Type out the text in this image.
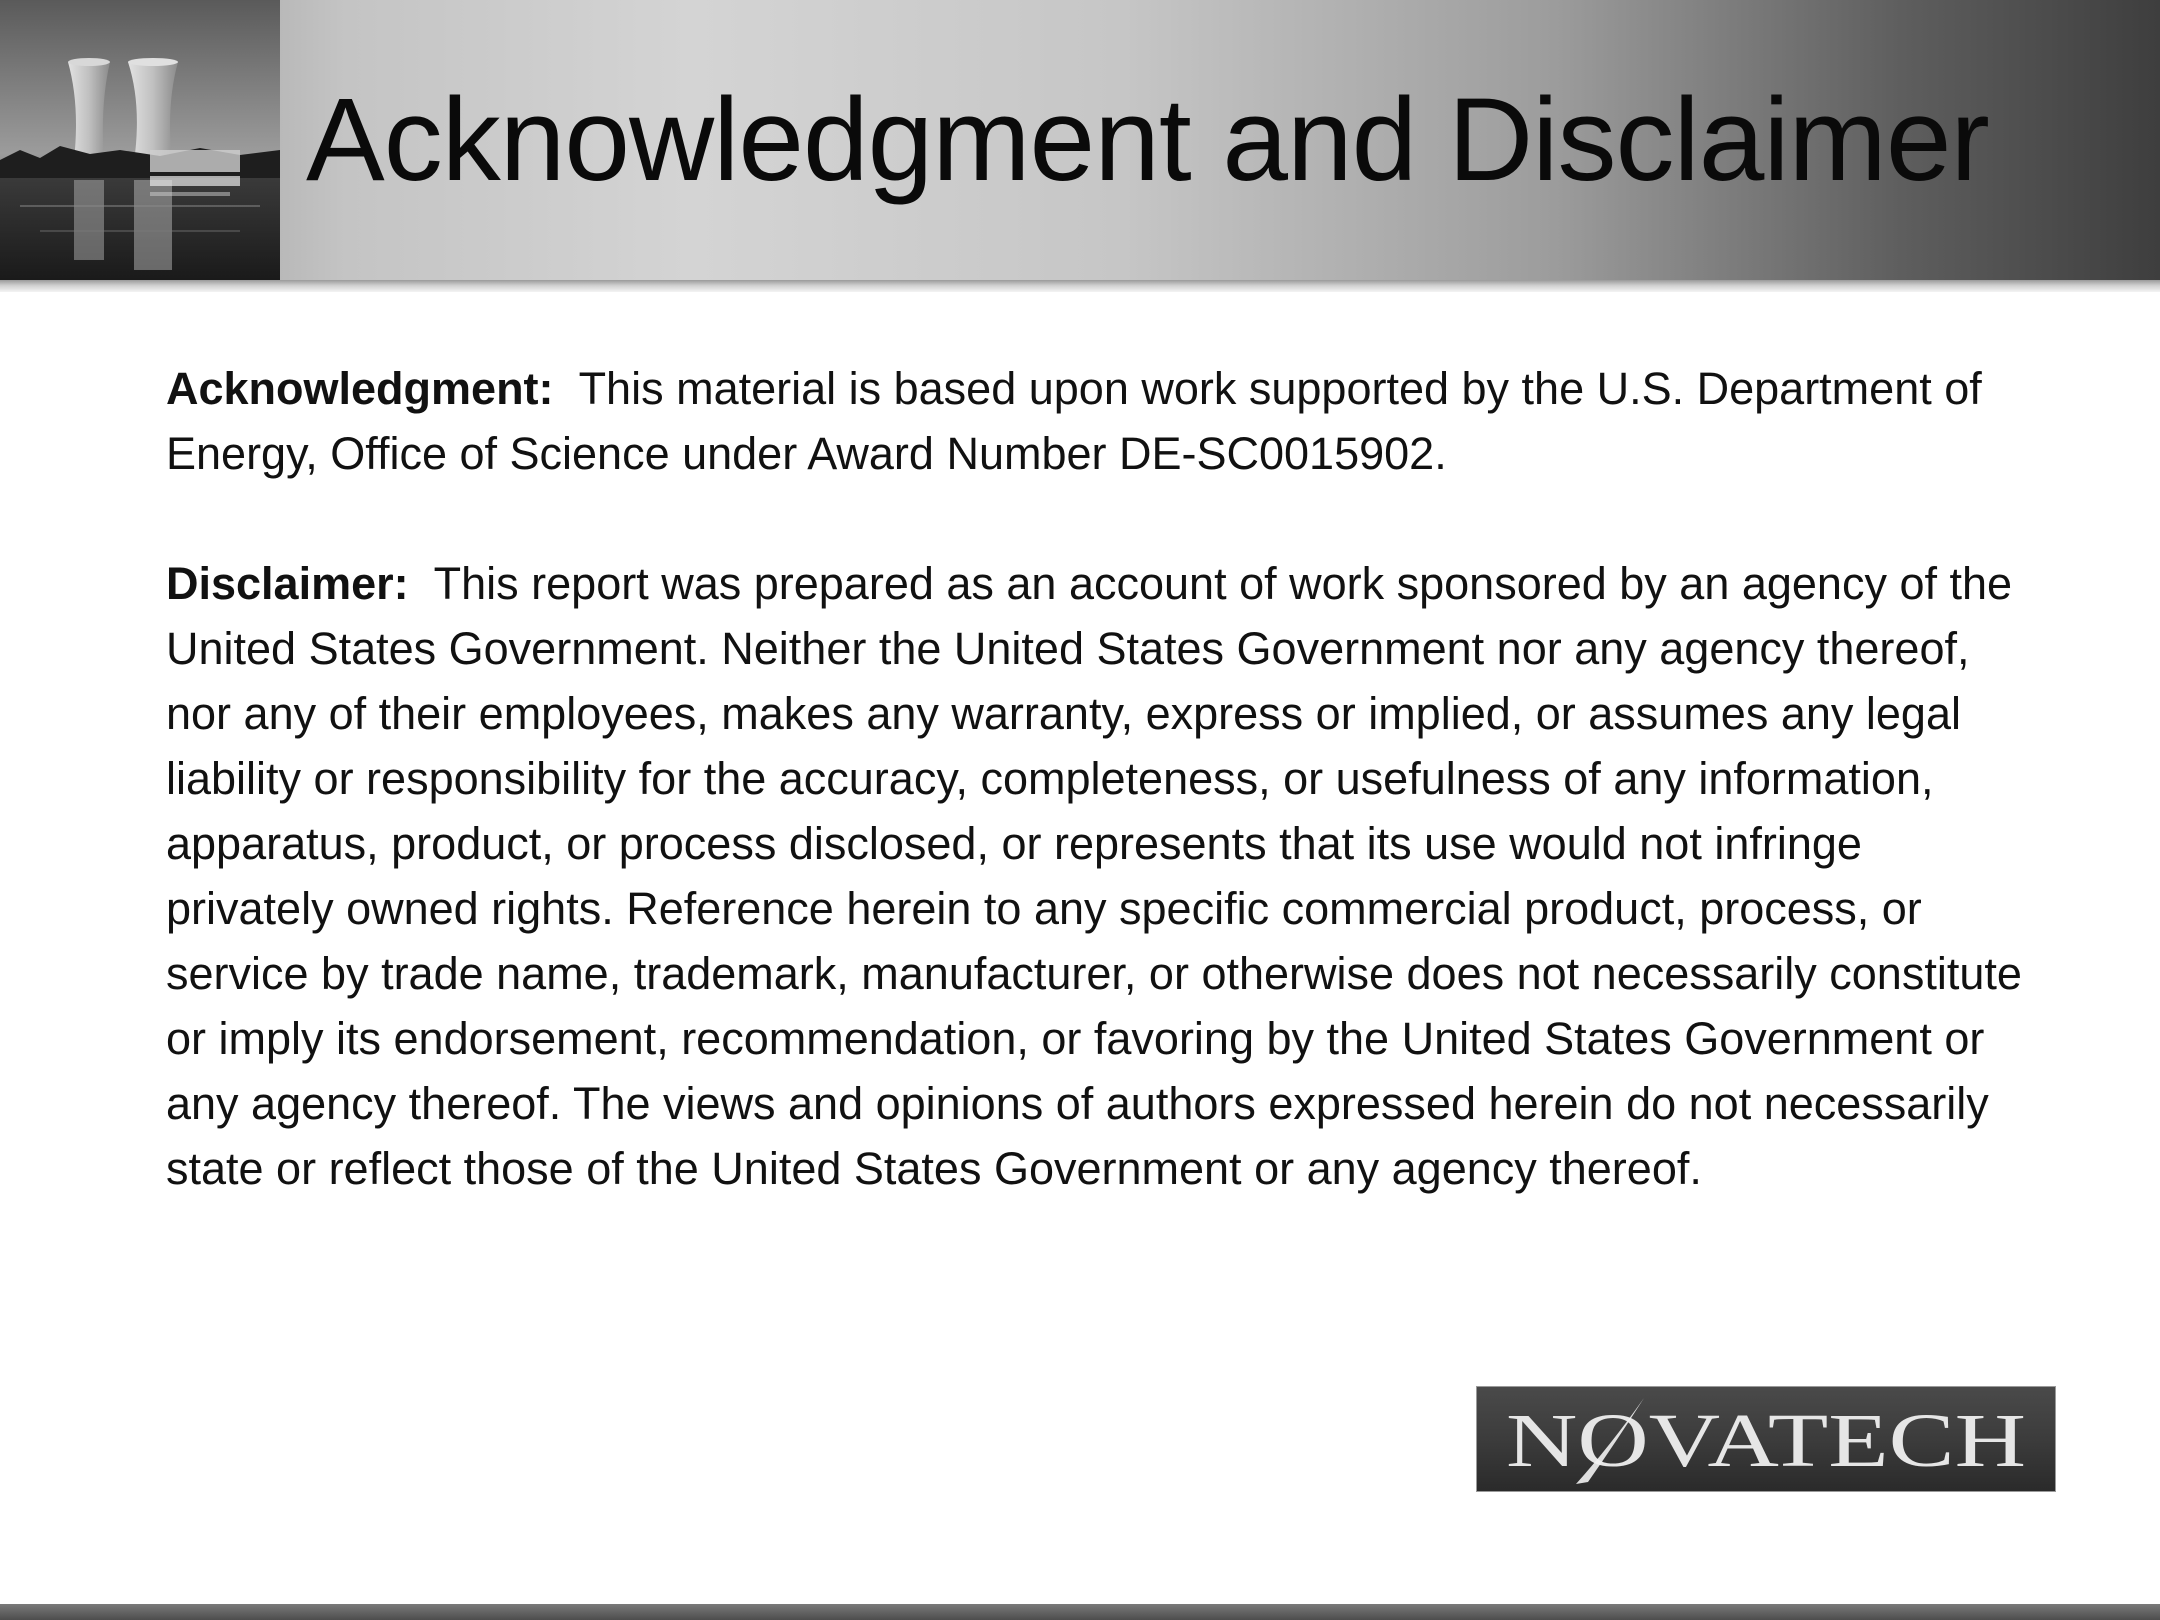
Acknowledgment and Disclaimer

Acknowledgment: This material is based upon work supported by the U.S. Department of Energy, Office of Science under Award Number DE-SC0015902.

Disclaimer: This report was prepared as an account of work sponsored by an agency of the United States Government. Neither the United States Government nor any agency thereof, nor any of their employees, makes any warranty, express or implied, or assumes any legal liability or responsibility for the accuracy, completeness, or usefulness of any information, apparatus, product, or process disclosed, or represents that its use would not infringe privately owned rights. Reference herein to any specific commercial product, process, or service by trade name, trademark, manufacturer, or otherwise does not necessarily constitute or imply its endorsement, recommendation, or favoring by the United States Government or any agency thereof. The views and opinions of authors expressed herein do not necessarily state or reflect those of the United States Government or any agency thereof.

NOVATECH
